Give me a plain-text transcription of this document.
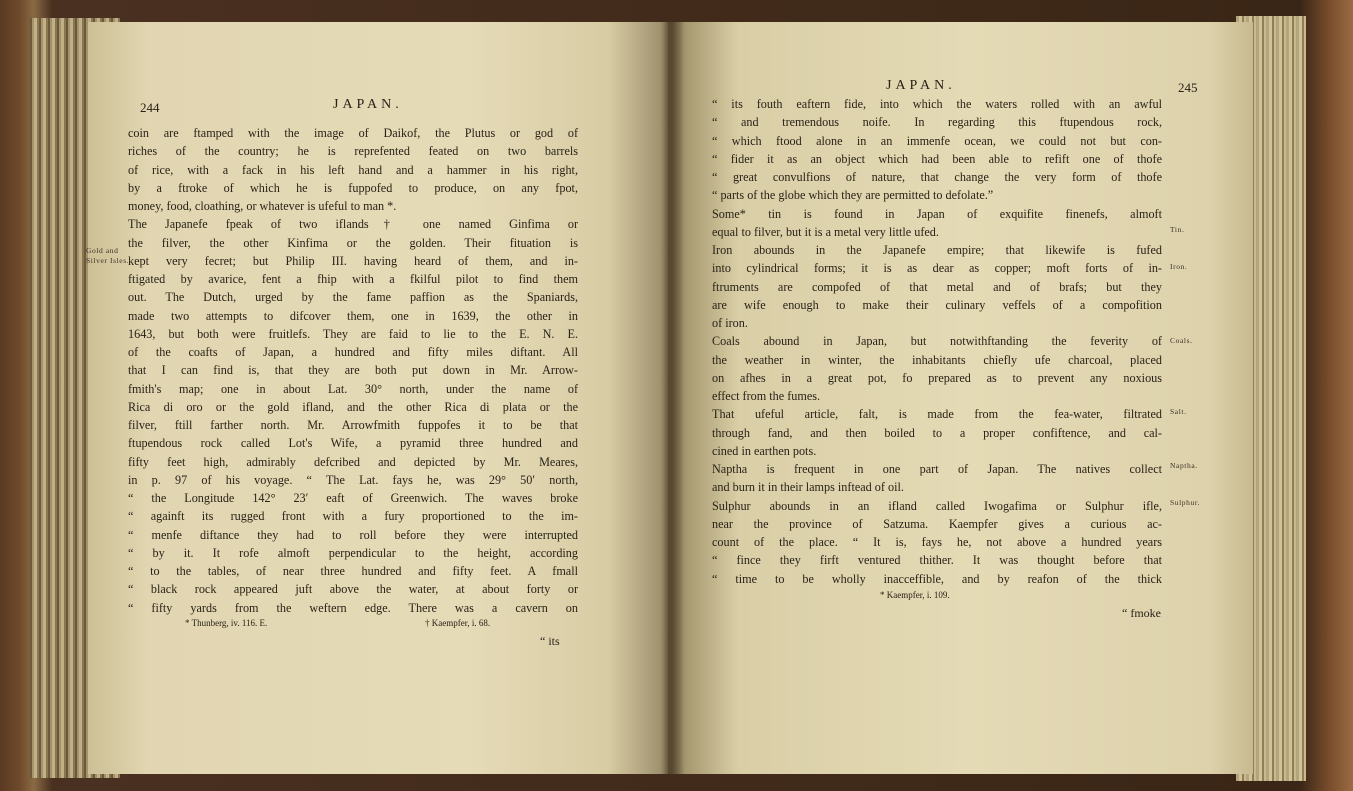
244	JAPAN.
Gold and
Silver Isles.
coin are ftamped with the image of Daikof, the Plutus or god of
riches of the country; he is reprefented feated on two barrels
of rice, with a fack in his left hand and a hammer in his right,
by a ftroke of which he is fuppofed to produce, on any fpot,
money, food, cloathing, or whatever is ufeful to man *.
The Japanefe fpeak of two iflands† one named Ginfima or
the filver, the other Kinfima or the golden. Their fituation is
kept very fecret; but Philip III. having heard of them, and in-
ftigated by avarice, fent a fhip with a fkilful pilot to find them
out. The Dutch, urged by the fame paffion as the Spaniards,
made two attempts to difcover them, one in 1639, the other in
1643, but both were fruitlefs. They are faid to lie to the E. N. E.
of the coafts of Japan, a hundred and fifty miles diftant. All
that I can find is, that they are both put down in Mr. Arrow-
fmith's map; one in about Lat. 30° north, under the name of
Rica di oro or the gold ifland, and the other Rica di plata or the
filver, ftill farther north. Mr. Arrowfmith fuppofes it to be that
ftupendous rock called Lot's Wife, a pyramid three hundred and
fifty feet high, admirably defcribed and depicted by Mr. Meares,
in p. 97 of his voyage. “ The Lat. fays he, was 29° 50′ north,
“ the Longitude 142° 23′ eaft of Greenwich. The waves broke
“ againft its rugged front with a fury proportioned to the im-
“ menfe diftance they had to roll before they were interrupted
“ by it. It rofe almoft perpendicular to the height, according
“ to the tables, of near three hundred and fifty feet. A fmall
“ black rock appeared juft above the water, at about forty or
“ fifty yards from the weftern edge. There was a cavern on
* Thunberg, iv. 116. E.	† Kaempfer, i. 68.
“ its
JAPAN.	245
“ its fouth eaftern fide, into which the waters rolled with an awful
“ and tremendous noife. In regarding this ftupendous rock,
“ which ftood alone in an immenfe ocean, we could not but con-
“ fider it as an object which had been able to refift one of thofe
“ great convulfions of nature, that change the very form of thofe
“ parts of the globe which they are permitted to defolate.”
Some* tin is found in Japan of exquifite finenefs, almoft
equal to filver, but it is a metal very little ufed.
Iron abounds in the Japanefe empire; that likewife is fufed
into cylindrical forms; it is as dear as copper; moft forts of in-
ftruments are compofed of that metal and of brafs; but they
are wife enough to make their culinary veffels of a compofition
of iron.
Coals abound in Japan, but notwithftanding the feverity of
the weather in winter, the inhabitants chiefly ufe charcoal, placed
on afhes in a great pot, fo prepared as to prevent any noxious
effect from the fumes.
That ufeful article, falt, is made from the fea-water, filtrated
through fand, and then boiled to a proper confiftence, and cal-
cined in earthen pots.
Naptha is frequent in one part of Japan. The natives collect
and burn it in their lamps inftead of oil.
Sulphur abounds in an ifland called Iwogafima or Sulphur ifle,
near the province of Satzuma. Kaempfer gives a curious ac-
count of the place. “ It is, fays he, not above a hundred years
“ fince they firft ventured thither. It was thought before that
“ time to be wholly inacceffible, and by reafon of the thick
Tin.
Iron.
Coals.
Salt.
Naptha.
Sulphur.
* Kaempfer, i. 109.
“ fmoke
